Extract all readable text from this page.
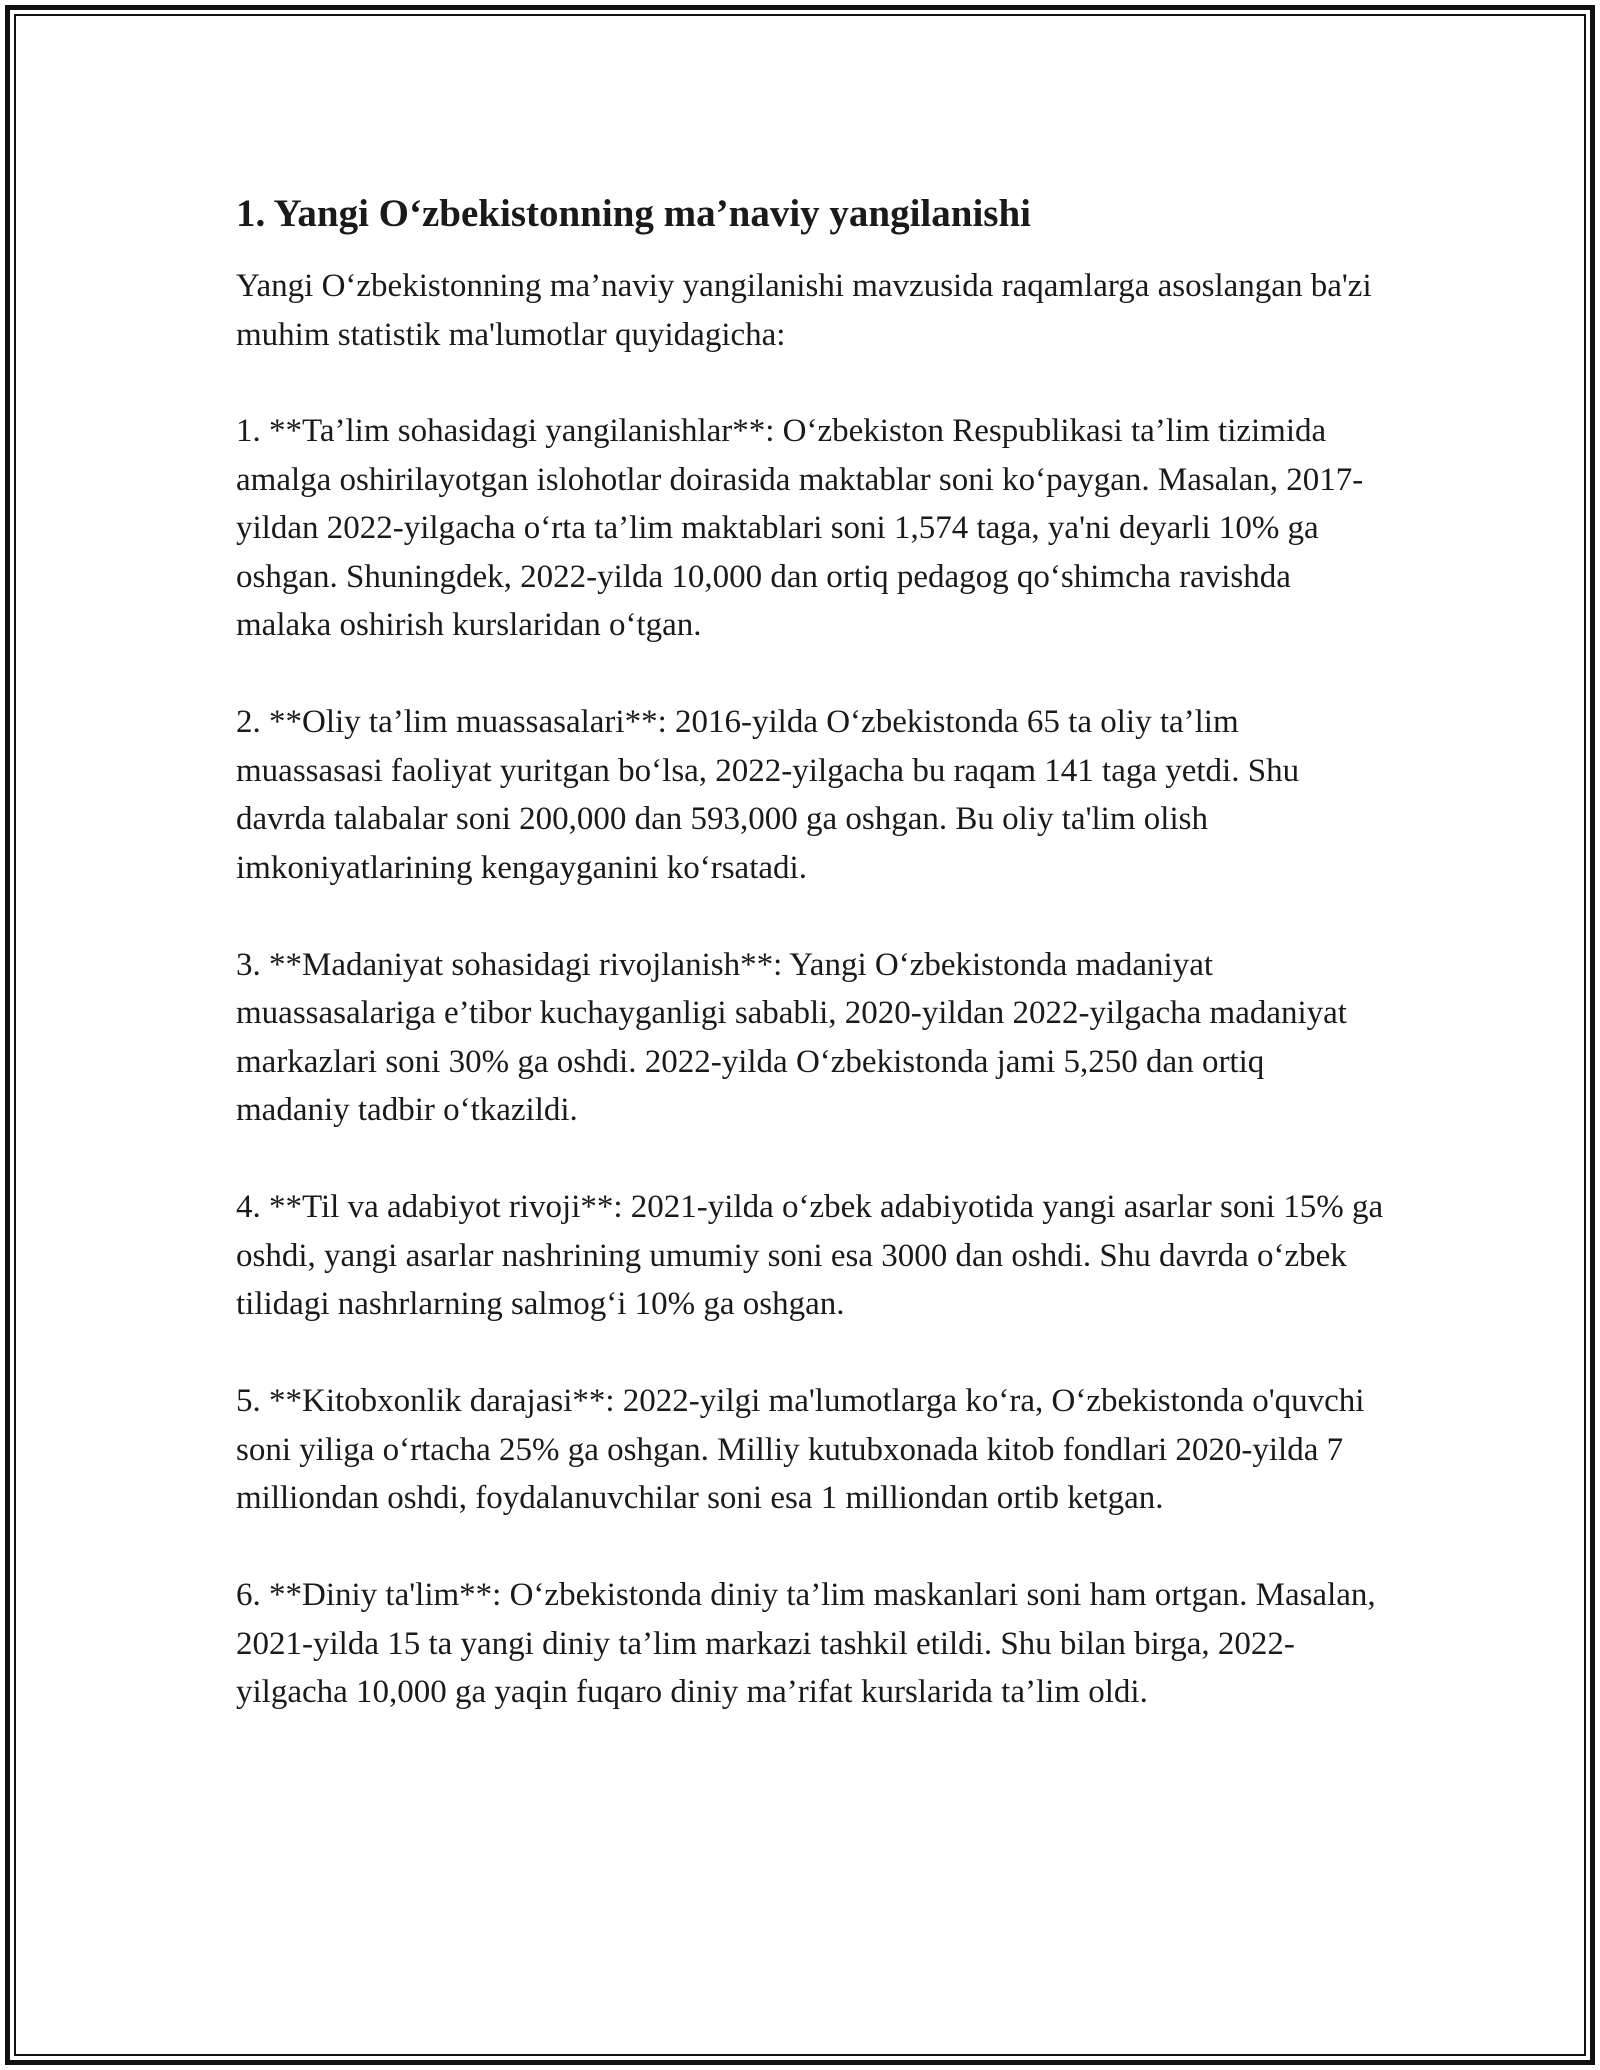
1. Yangi O‘zbekistonning ma’naviy yangilanishi

Yangi O‘zbekistonning ma’naviy yangilanishi mavzusida raqamlarga asoslangan ba'zi muhim statistik ma'lumotlar quyidagicha:

1. **Ta’lim sohasidagi yangilanishlar**: O‘zbekiston Respublikasi ta’lim tizimida amalga oshirilayotgan islohotlar doirasida maktablar soni ko‘paygan. Masalan, 2017-yildan 2022-yilgacha o‘rta ta’lim maktablari soni 1,574 taga, ya'ni deyarli 10% ga oshgan. Shuningdek, 2022-yilda 10,000 dan ortiq pedagog qo‘shimcha ravishda malaka oshirish kurslaridan o‘tgan.

2. **Oliy ta’lim muassasalari**: 2016-yilda O‘zbekistonda 65 ta oliy ta’lim muassasasi faoliyat yuritgan bo‘lsa, 2022-yilgacha bu raqam 141 taga yetdi. Shu davrda talabalar soni 200,000 dan 593,000 ga oshgan. Bu oliy ta'lim olish imkoniyatlarining kengayganini ko‘rsatadi.

3. **Madaniyat sohasidagi rivojlanish**: Yangi O‘zbekistonda madaniyat muassasalariga e’tibor kuchayganligi sababli, 2020-yildan 2022-yilgacha madaniyat markazlari soni 30% ga oshdi. 2022-yilda O‘zbekistonda jami 5,250 dan ortiq madaniy tadbir o‘tkazildi.

4. **Til va adabiyot rivoji**: 2021-yilda o‘zbek adabiyotida yangi asarlar soni 15% ga oshdi, yangi asarlar nashrining umumiy soni esa 3000 dan oshdi. Shu davrda o‘zbek tilidagi nashrlarning salmog‘i 10% ga oshgan.

5. **Kitobxonlik darajasi**: 2022-yilgi ma'lumotlarga ko‘ra, O‘zbekistonda o'quvchi soni yiliga o‘rtacha 25% ga oshgan. Milliy kutubxonada kitob fondlari 2020-yilda 7 milliondan oshdi, foydalanuvchilar soni esa 1 milliondan ortib ketgan.

6. **Diniy ta'lim**: O‘zbekistonda diniy ta’lim maskanlari soni ham ortgan. Masalan, 2021-yilda 15 ta yangi diniy ta’lim markazi tashkil etildi. Shu bilan birga, 2022-yilgacha 10,000 ga yaqin fuqaro diniy ma’rifat kurslarida ta’lim oldi.
